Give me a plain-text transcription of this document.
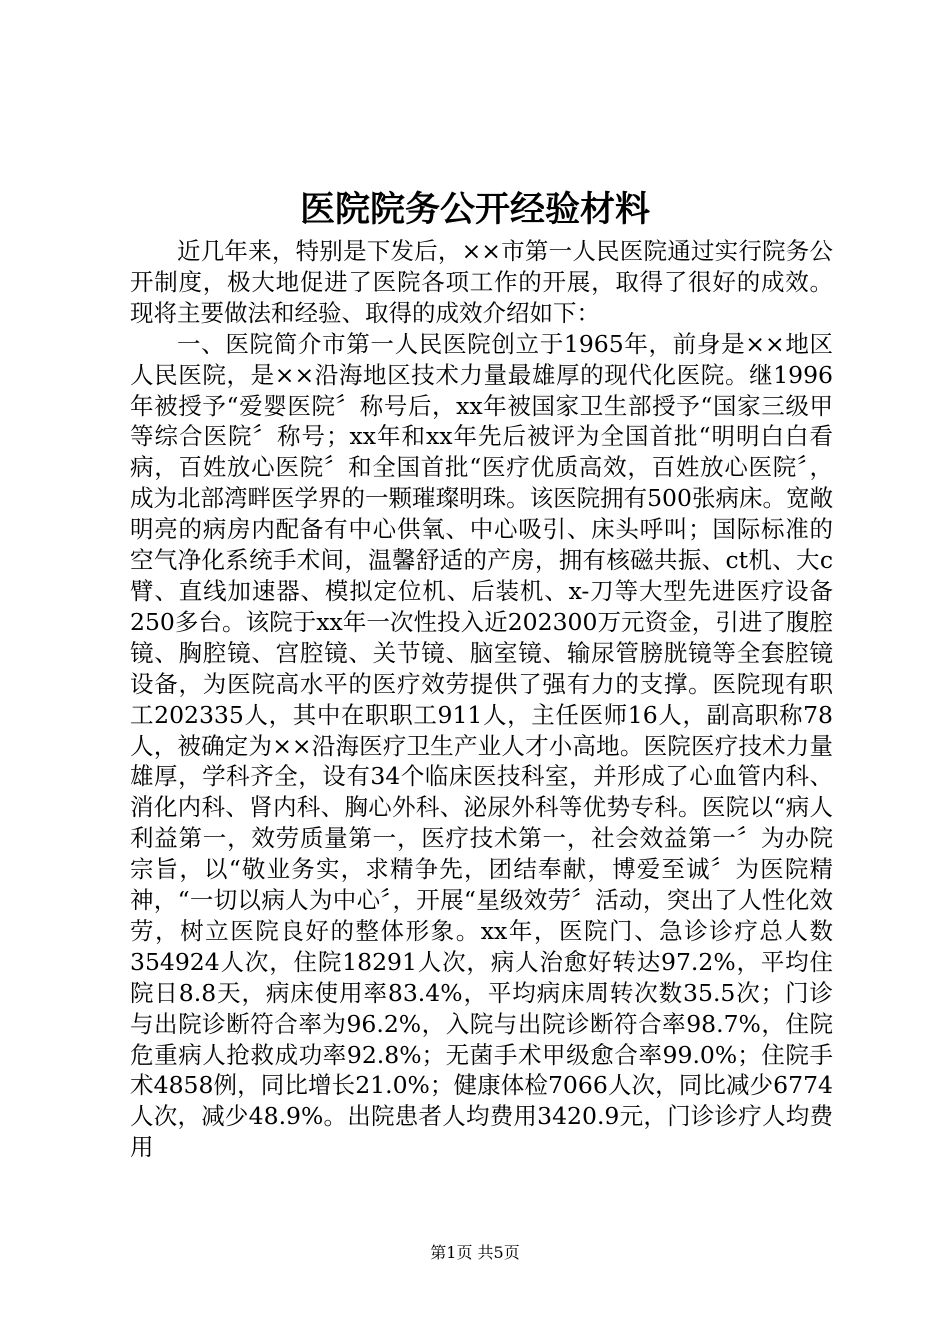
医院院务公开经验材料

近几年来，特别是下发后，××市第一人民医院通过实行院务公开制度，极大地促进了医院各项工作的开展，取得了很好的成效。现将主要做法和经验、取得的成效介绍如下：

一、医院简介市第一人民医院创立于1965年，前身是××地区人民医院，是××沿海地区技术力量最雄厚的现代化医院。继1996年被授予“爱婴医院〞称号后，xx年被国家卫生部授予“国家三级甲等综合医院〞称号；xx年和xx年先后被评为全国首批“明明白白看病，百姓放心医院〞和全国首批“医疗优质高效，百姓放心医院〞，成为北部湾畔医学界的一颗璀璨明珠。该医院拥有500张病床。宽敞明亮的病房内配备有中心供氧、中心吸引、床头呼叫；国际标准的空气净化系统手术间，温馨舒适的产房，拥有核磁共振、ct机、大c臂、直线加速器、模拟定位机、后装机、x-刀等大型先进医疗设备250多台。该院于xx年一次性投入近202300万元资金，引进了腹腔镜、胸腔镜、宫腔镜、关节镜、脑室镜、输尿管膀胱镜等全套腔镜设备，为医院高水平的医疗效劳提供了强有力的支撑。医院现有职工202335人，其中在职职工911人，主任医师16人，副高职称78人，被确定为××沿海医疗卫生产业人才小高地。医院医疗技术力量雄厚，学科齐全，设有34个临床医技科室，并形成了心血管内科、消化内科、肾内科、胸心外科、泌尿外科等优势专科。医院以“病人利益第一，效劳质量第一，医疗技术第一，社会效益第一〞为办院宗旨，以“敬业务实，求精争先，团结奉献，博爱至诚〞为医院精神，“一切以病人为中心〞，开展“星级效劳〞活动，突出了人性化效劳，树立医院良好的整体形象。xx年，医院门、急诊诊疗总人数354924人次，住院18291人次，病人治愈好转达97.2%，平均住院日8.8天，病床使用率83.4%，平均病床周转次数35.5次；门诊与出院诊断符合率为96.2%，入院与出院诊断符合率98.7%，住院危重病人抢救成功率92.8%；无菌手术甲级愈合率99.0%；住院手术4858例，同比增长21.0%；健康体检7066人次，同比减少6774人次，减少48.9%。出院患者人均费用3420.9元，门诊诊疗人均费用

第1页 共5页
